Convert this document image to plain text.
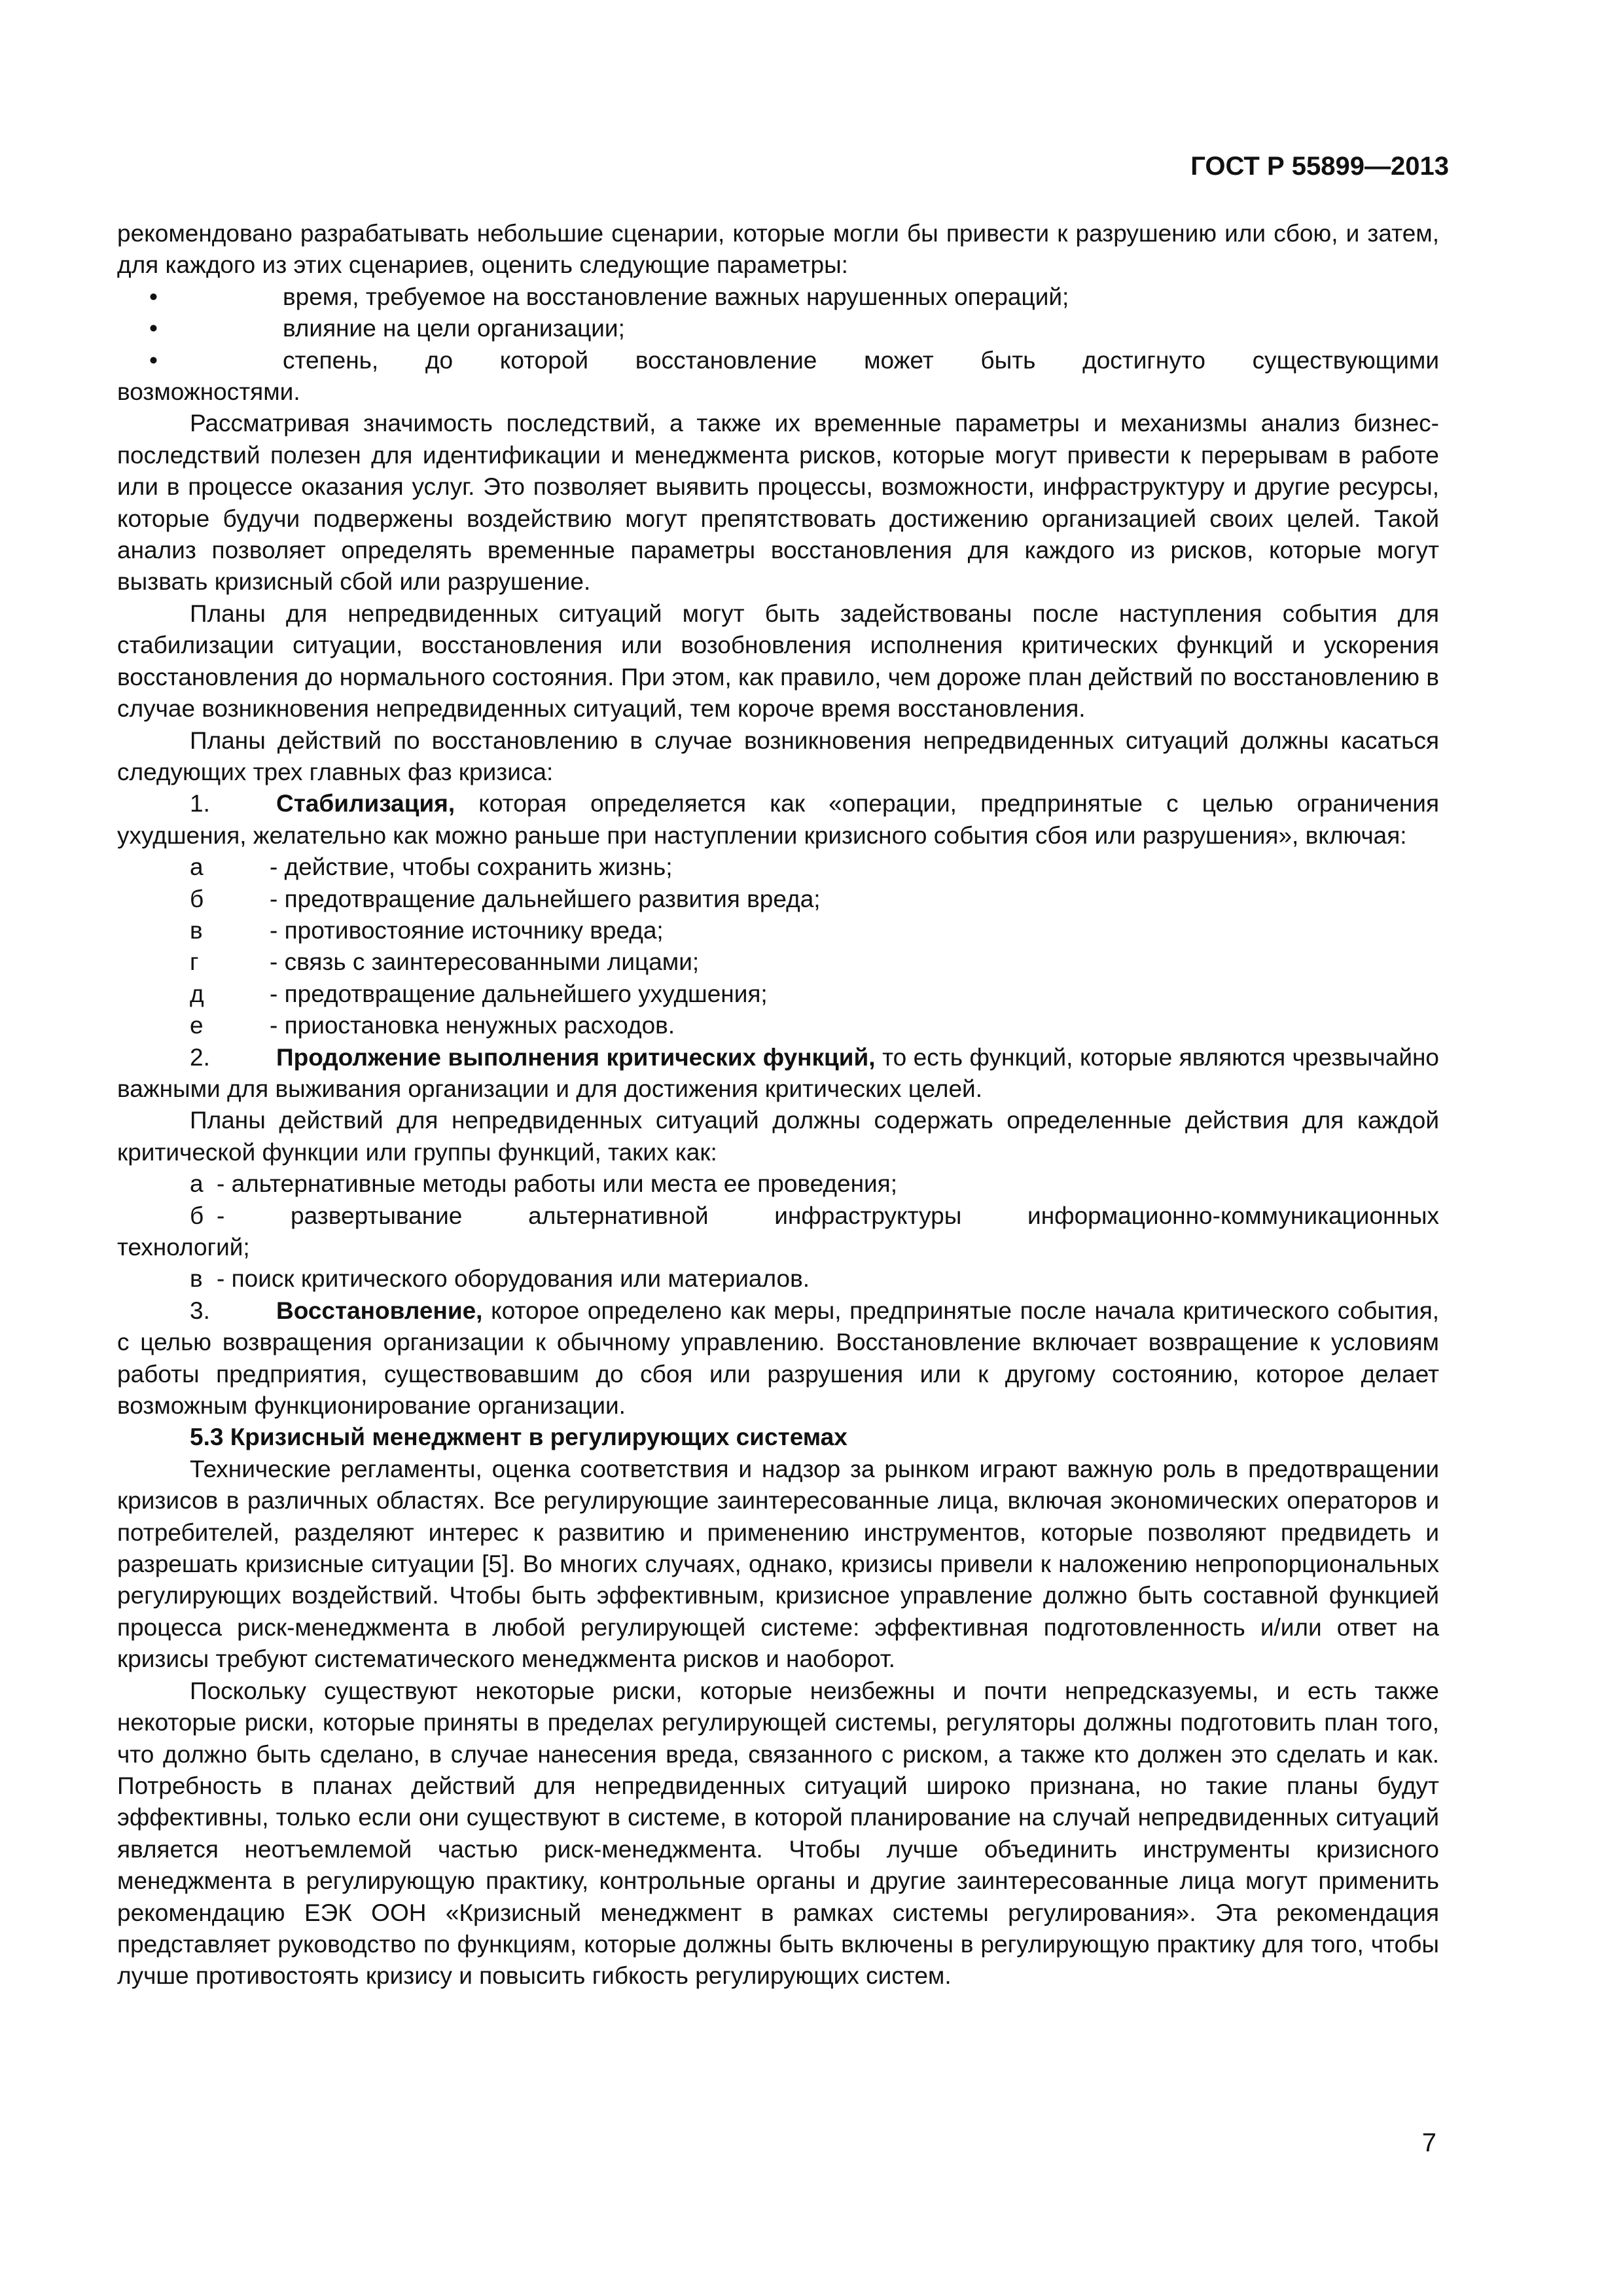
ГОСТ Р 55899—2013

рекомендовано разрабатывать небольшие сценарии, которые могли бы привести к разрушению или сбою, и затем, для каждого из этих сценариев, оценить следующие параметры:

•	время, требуемое на восстановление важных нарушенных операций;
•	влияние на цели организации;
•	степень, до которой восстановление может быть достигнуто существующими

возможностями.

Рассматривая значимость последствий, а также их временные параметры и механизмы анализ бизнес-последствий полезен для идентификации и менеджмента рисков, которые могут привести к перерывам в работе или в процессе оказания услуг. Это позволяет выявить процессы, возможности, инфраструктуру и другие ресурсы, которые будучи подвержены воздействию могут препятствовать достижению организацией своих целей. Такой анализ позволяет определять временные параметры восстановления для каждого из рисков, которые могут вызвать кризисный сбой или разрушение.

Планы для непредвиденных ситуаций могут быть задействованы после наступления события для стабилизации ситуации, восстановления или возобновления исполнения критических функций и ускорения восстановления до нормального состояния. При этом, как правило, чем дороже план действий по восстановлению в случае возникновения непредвиденных ситуаций, тем короче время восстановления.

Планы действий по восстановлению в случае возникновения непредвиденных ситуаций должны касаться следующих трех главных фаз кризиса:

1.	Стабилизация, которая определяется как «операции, предпринятые с целью ограничения ухудшения, желательно как можно раньше при наступлении кризисного события сбоя или разрушения», включая:

а	- действие, чтобы сохранить жизнь;
б	- предотвращение дальнейшего развития вреда;
в	- противостояние источнику вреда;
г	- связь с заинтересованными лицами;
д	- предотвращение дальнейшего ухудшения;
е	- приостановка ненужных расходов.

2.	Продолжение выполнения критических функций, то есть функций, которые являются чрезвычайно важными для выживания организации и для достижения критических целей.

Планы действий для непредвиденных ситуаций должны содержать определенные действия для каждой критической функции или группы функций, таких как:

а - альтернативные методы работы или места ее проведения;
б - развертывание альтернативной инфраструктуры информационно-коммуникационных

технологий;

в - поиск критического оборудования или материалов.

3.	Восстановление, которое определено как меры, предпринятые после начала критического события, с целью возвращения организации к обычному управлению. Восстановление включает возвращение к условиям работы предприятия, существовавшим до сбоя или разрушения или к другому состоянию, которое делает возможным функционирование организации.

5.3 Кризисный менеджмент в регулирующих системах

Технические регламенты, оценка соответствия и надзор за рынком играют важную роль в предотвращении кризисов в различных областях. Все регулирующие заинтересованные лица, включая экономических операторов и потребителей, разделяют интерес к развитию и применению инструментов, которые позволяют предвидеть и разрешать кризисные ситуации [5]. Во многих случаях, однако, кризисы привели к наложению непропорциональных регулирующих воздействий. Чтобы быть эффективным, кризисное управление должно быть составной функцией процесса риск-менеджмента в любой регулирующей системе: эффективная подготовленность и/или ответ на кризисы требуют систематического менеджмента рисков и наоборот.

Поскольку существуют некоторые риски, которые неизбежны и почти непредсказуемы, и есть также некоторые риски, которые приняты в пределах регулирующей системы, регуляторы должны подготовить план того, что должно быть сделано, в случае нанесения вреда, связанного с риском, а также кто должен это сделать и как. Потребность в планах действий для непредвиденных ситуаций широко признана, но такие планы будут эффективны, только если они существуют в системе, в которой планирование на случай непредвиденных ситуаций является неотъемлемой частью риск-менеджмента. Чтобы лучше объединить инструменты кризисного менеджмента в регулирующую практику, контрольные органы и другие заинтересованные лица могут применить рекомендацию ЕЭК ООН «Кризисный менеджмент в рамках системы регулирования». Эта рекомендация представляет руководство по функциям, которые должны быть включены в регулирующую практику для того, чтобы лучше противостоять кризису и повысить гибкость регулирующих систем.

7
